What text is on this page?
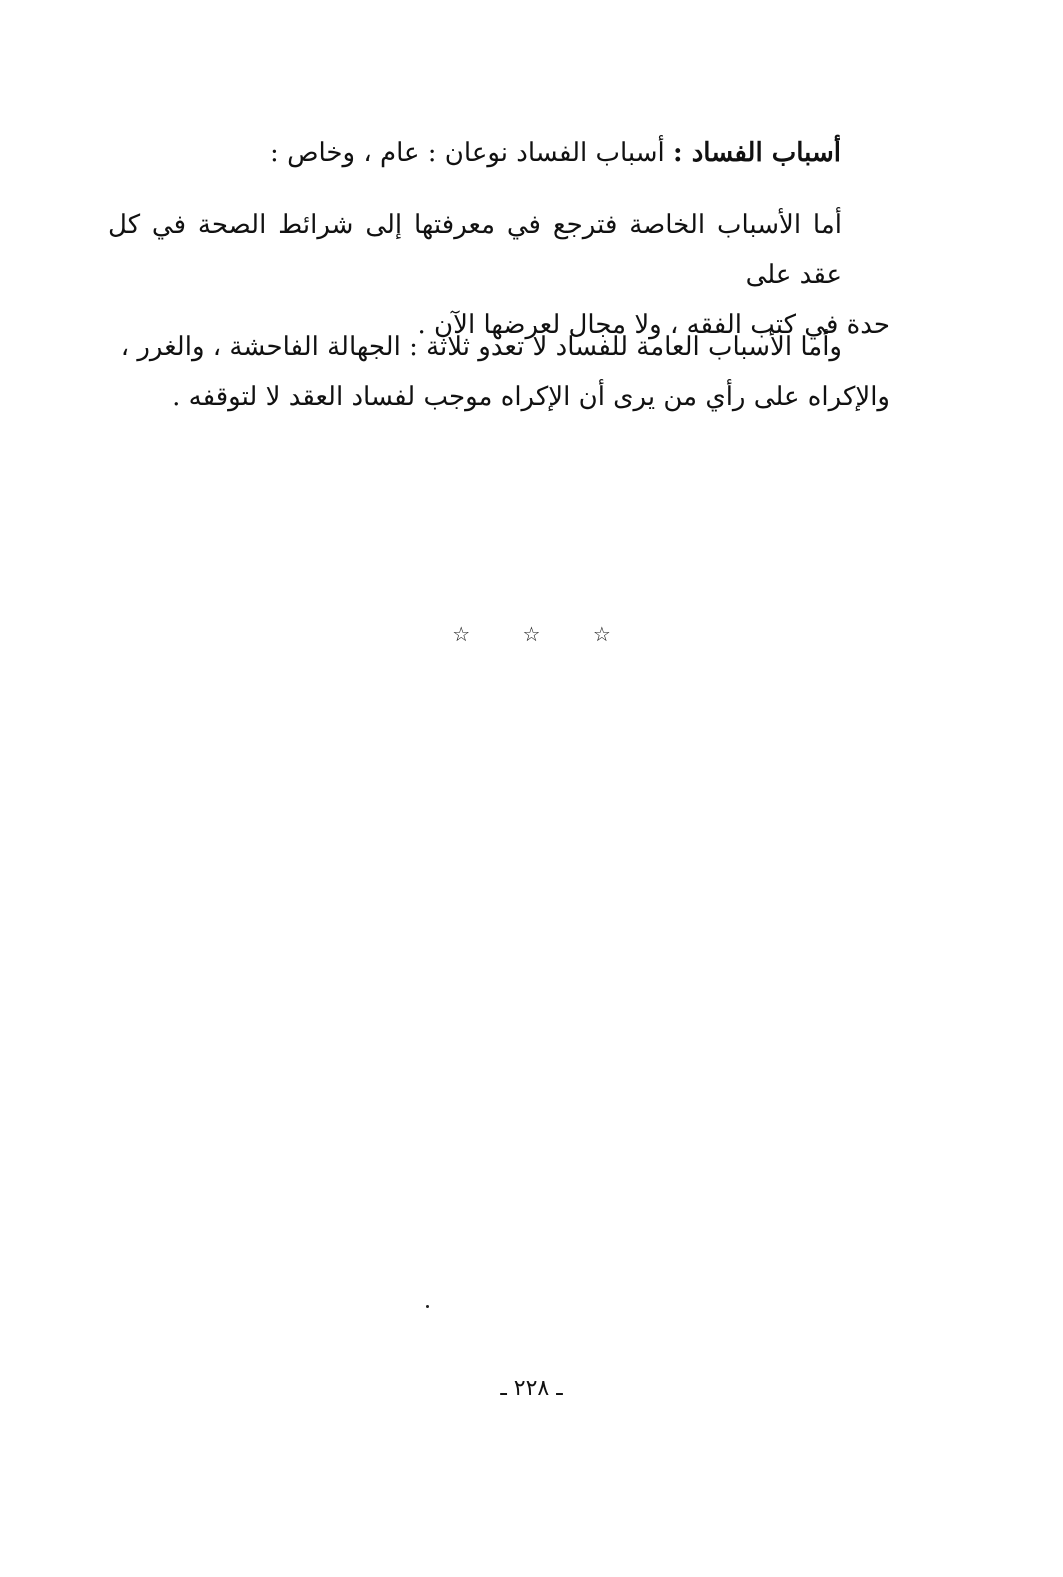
أسباب الفساد : أسباب الفساد نوعان : عام ، وخاص :
أما الأسباب الخاصة فترجع في معرفتها إلى شرائط الصحة في كل عقد على
حدة في كتب الفقه ، ولا مجال لعرضها الآن .
وأما الأسباب العامة للفساد لا تعدو ثلاثة : الجهالة الفاحشة ، والغرر ،
والإكراه على رأي من يرى أن الإكراه موجب لفساد العقد لا لتوقفه .
☆	☆	☆
ـ ٢٢٨ ـ
